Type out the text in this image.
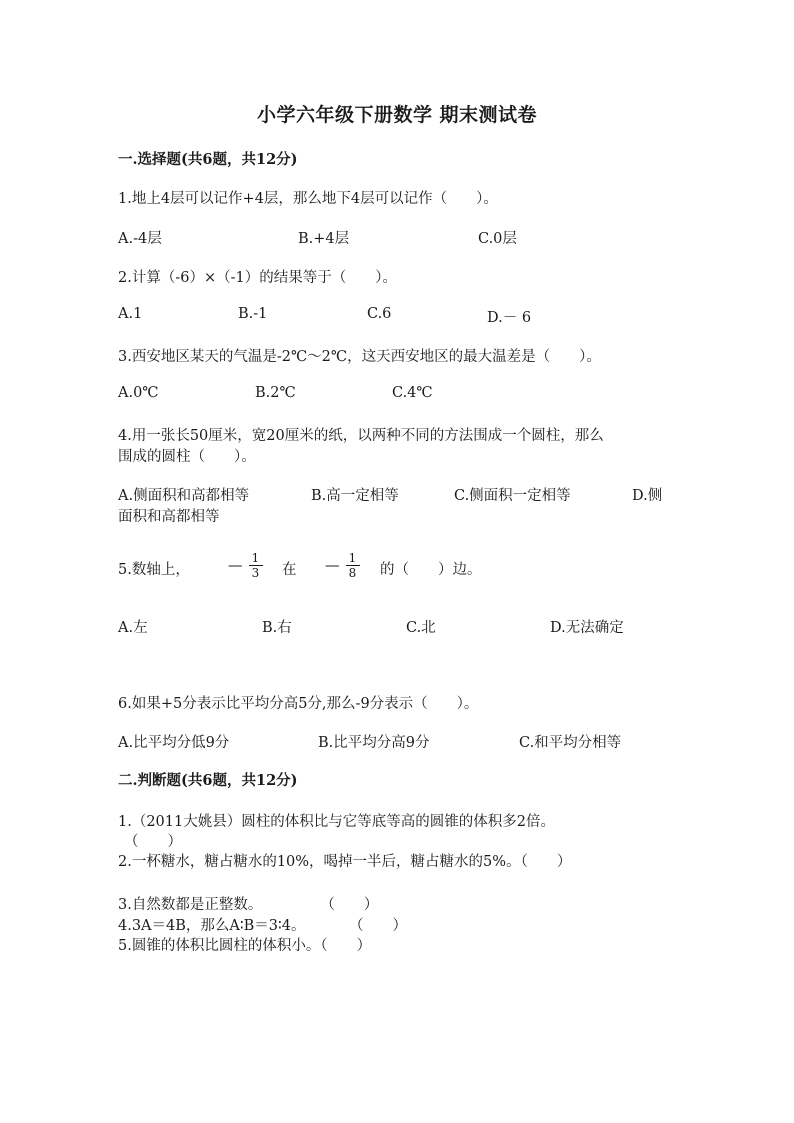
小学六年级下册数学 期末测试卷
一.选择题(共6题，共12分)
1.地上4层可以记作+4层，那么地下4层可以记作（　　）。
A.-4层	B.+4层	C.0层
2.计算（-6）×（-1）的结果等于（　　）。
A.1	B.-1	C.6	D.－ 6
3.西安地区某天的气温是-2℃～2℃，这天西安地区的最大温差是（　　）。
A.0℃	B.2℃	C.4℃
4.用一张长50厘米，宽20厘米的纸，以两种不同的方法围成一个圆柱，那么
围成的圆柱（　　）。
A.侧面积和高都相等	B.高一定相等	C.侧面积一定相等	D.侧
面积和高都相等
5.数轴上，	— $\frac{1}{3}$ 在 — $\frac{1}{8}$ 的（　　）边。
A.左	B.右	C.北	D.无法确定
6.如果+5分表示比平均分高5分,那么-9分表示（　　）。
A.比平均分低9分	B.比平均分高9分	C.和平均分相等
二.判断题(共6题，共12分)
1.（2011大姚县）圆柱的体积比与它等底等高的圆锥的体积多2倍。
（　　）
2.一杯糖水，糖占糖水的10%，喝掉一半后，糖占糖水的5%。（　　）
3.自然数都是正整数。　　　　　（　　）
4.3A＝4B，那么A∶B＝3∶4。　　　　（　　）
5.圆锥的体积比圆柱的体积小。（　　）
